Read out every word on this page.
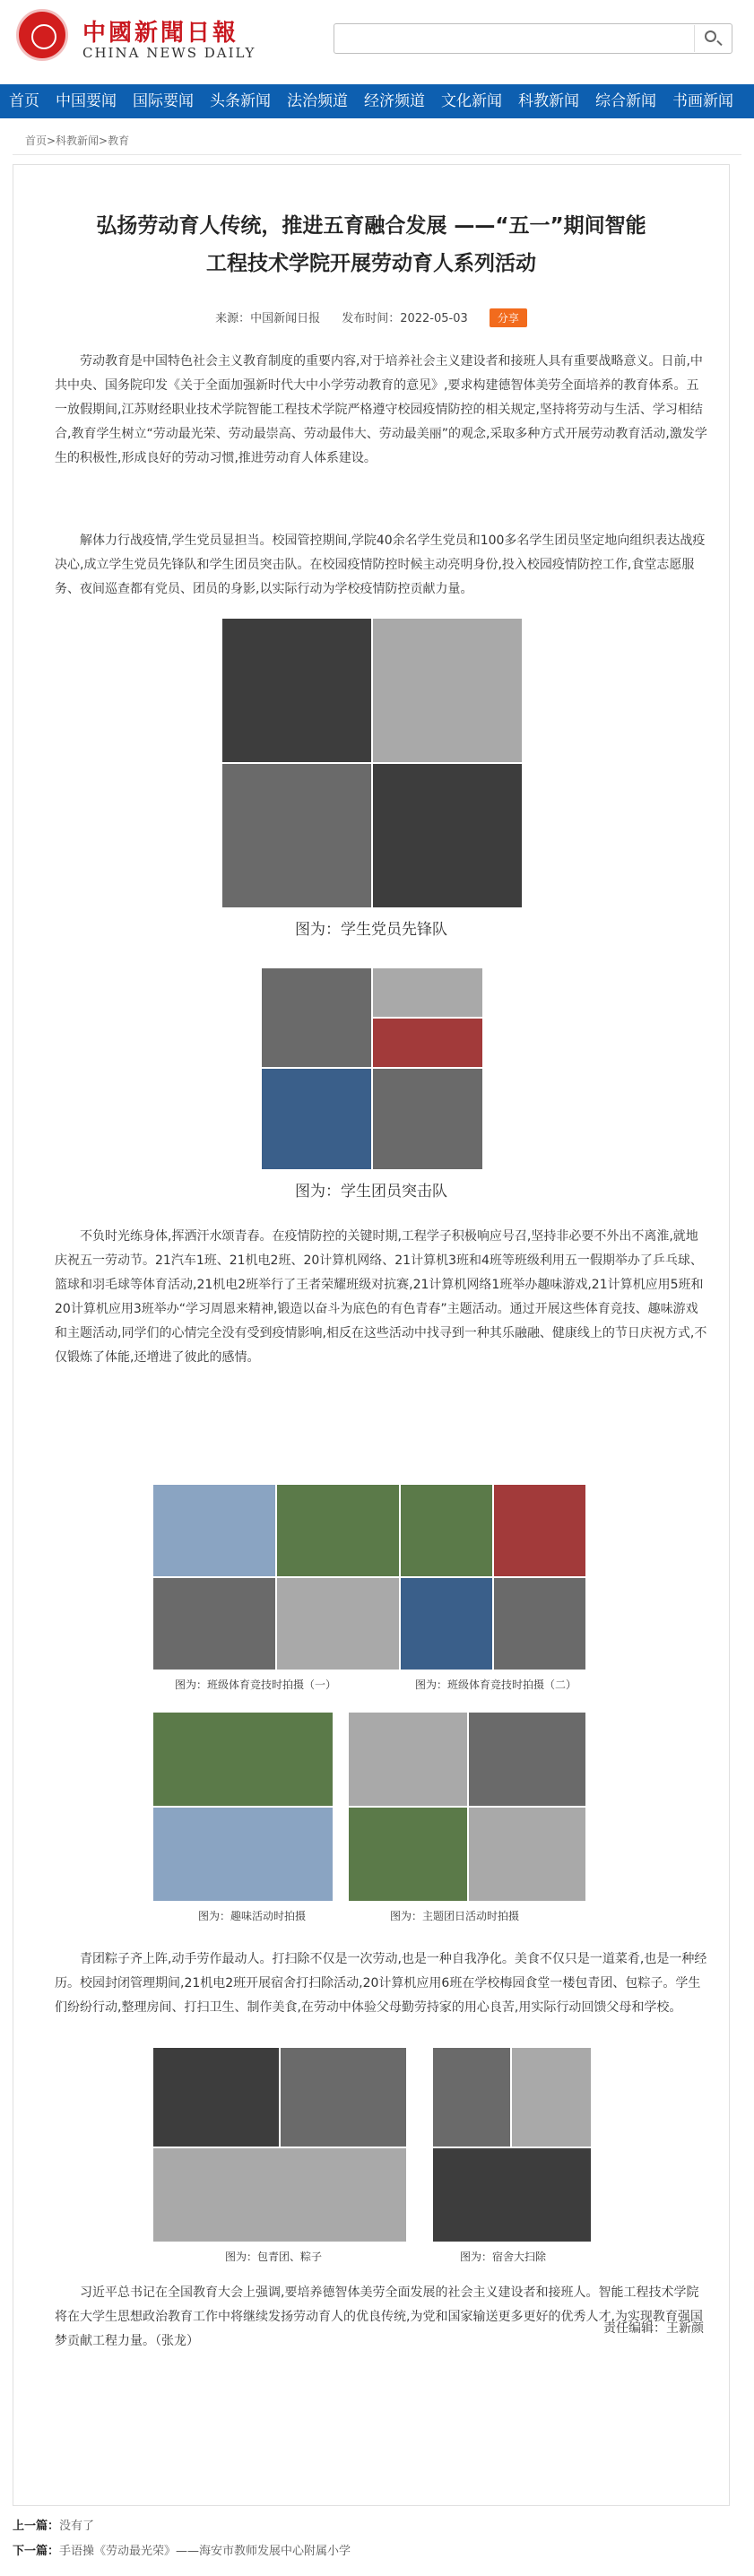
中國新聞日報
CHINA NEWS DAILY
首页 中国要闻 国际要闻 头条新闻 法治频道 经济频道 文化新闻 科教新闻 综合新闻 书画新闻
首页>科教新闻>教育
弘扬劳动育人传统，推进五育融合发展 ——“五一”期间智能
工程技术学院开展劳动育人系列活动
来源：中国新闻日报 发布时间：2022-05-03	分享

劳动教育是中国特色社会主义教育制度的重要内容,对于培养社会主义建设者和接班人具有重要战略意义。日前,中共中央、国务院印发《关于全面加强新时代大中小学劳动教育的意见》,要求构建德智体美劳全面培养的教育体系。五一放假期间,江苏财经职业技术学院智能工程技术学院严格遵守校园疫情防控的相关规定,坚持将劳动与生活、学习相结合,教育学生树立“劳动最光荣、劳动最崇高、劳动最伟大、劳动最美丽”的观念,采取多种方式开展劳动教育活动,激发学生的积极性,形成良好的劳动习惯,推进劳动育人体系建设。

解体力行战疫情,学生党员显担当。校园管控期间,学院40余名学生党员和100多名学生团员坚定地向组织表达战疫决心,成立学生党员先锋队和学生团员突击队。在校园疫情防控时候主动亮明身份,投入校园疫情防控工作,食堂志愿服务、夜间巡查都有党员、团员的身影,以实际行动为学校疫情防控贡献力量。

图为：学生党员先锋队
图为：学生团员突击队

不负时光练身体,挥洒汗水颂青春。在疫情防控的关键时期,工程学子积极响应号召,坚持非必要不外出不离淮,就地庆祝五一劳动节。21汽车1班、21机电2班、20计算机网络、21计算机3班和4班等班级利用五一假期举办了乒乓球、篮球和羽毛球等体育活动,21机电2班举行了王者荣耀班级对抗赛,21计算机网络1班举办趣味游戏,21计算机应用5班和20计算机应用3班举办“学习周恩来精神,锻造以奋斗为底色的有色青春”主题活动。通过开展这些体育竞技、趣味游戏和主题活动,同学们的心情完全没有受到疫情影响,相反在这些活动中找寻到一种其乐融融、健康线上的节日庆祝方式,不仅锻炼了体能,还增进了彼此的感情。

图为：班级体育竞技时拍摄（一）	图为：班级体育竞技时拍摄（二）
图为：趣味活动时拍摄	图为：主题团日活动时拍摄

青团粽子齐上阵,动手劳作最动人。打扫除不仅是一次劳动,也是一种自我净化。美食不仅只是一道菜肴,也是一种经历。校园封闭管理期间,21机电2班开展宿舍打扫除活动,20计算机应用6班在学校梅园食堂一楼包青团、包粽子。学生们纷纷行动,整理房间、打扫卫生、制作美食,在劳动中体验父母勤劳持家的用心良苦,用实际行动回馈父母和学校。

图为：包青团、粽子	图为：宿舍大扫除

习近平总书记在全国教育大会上强调,要培养德智体美劳全面发展的社会主义建设者和接班人。智能工程技术学院将在大学生思想政治教育工作中将继续发扬劳动育人的优良传统,为党和国家输送更多更好的优秀人才,为实现教育强国梦贡献工程力量。（张龙）

责任编辑：王新颜
上一篇：没有了
下一篇：手语操《劳动最光荣》——海安市教师发展中心附属小学
